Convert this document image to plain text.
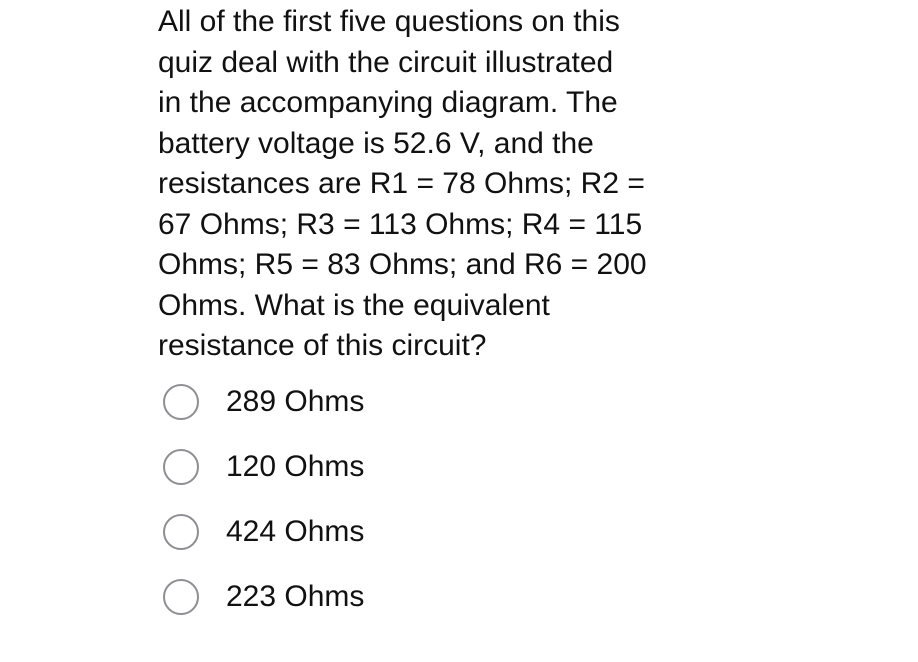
All of the first five questions on this
quiz deal with the circuit illustrated
in the accompanying diagram. The
battery voltage is 52.6 V, and the
resistances are R1 = 78 Ohms; R2 =
67 Ohms; R3 = 113 Ohms; R4 = 115
Ohms; R5 = 83 Ohms; and R6 = 200
Ohms. What is the equivalent
resistance of this circuit?
289 Ohms
120 Ohms
424 Ohms
223 Ohms
